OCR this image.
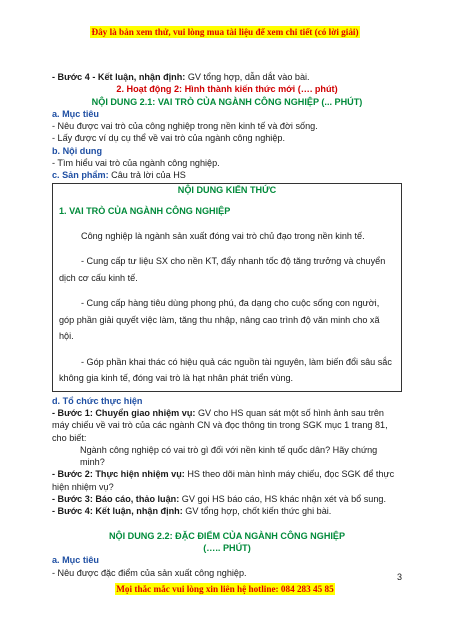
Đây là bản xem thử, vui lòng mua tài liệu để xem chi tiết (có lời giải)
- Bước 4 - Kết luận, nhận định: GV tổng hợp, dẫn dắt vào bài.
2. Hoạt động 2: Hình thành kiến thức mới (…. phút)
NỘI DUNG 2.1: VAI TRÒ CỦA NGÀNH CÔNG NGHIỆP (... PHÚT)
a. Mục tiêu
- Nêu được vai trò của công nghiệp trong nền kinh tế và đời sống.
- Lấy được ví dụ cụ thể về vai trò của ngành công nghiệp.
b. Nội dung
- Tìm hiểu vai trò của ngành công nghiệp.
c. Sản phẩm: Câu trả lời của HS
NỘI DUNG KIẾN THỨC
1. VAI TRÒ CỦA NGÀNH CÔNG NGHIỆP
Công nghiệp là ngành sản xuất đóng vai trò chủ đạo trong nền kinh tế.
- Cung cấp tư liệu SX cho nền KT, đẩy nhanh tốc độ tăng trưởng và chuyển dịch cơ cấu kinh tế.
- Cung cấp hàng tiêu dùng phong phú, đa dạng cho cuộc sống con người, góp phần giải quyết việc làm, tăng thu nhập, nâng cao trình độ văn minh cho xã hội.
- Góp phần khai thác có hiệu quả các nguồn tài nguyên, làm biến đổi sâu sắc không gia kinh tế, đóng vai trò là hạt nhân phát triển vùng.
d. Tổ chức thực hiện
- Bước 1: Chuyển giao nhiệm vụ: GV cho HS quan sát một số hình ảnh sau trên máy chiếu về vai trò của các ngành CN và đọc thông tin trong SGK mục 1 trang 81, cho biết:
Ngành công nghiệp có vai trò gì đối với nền kinh tế quốc dân? Hãy chứng minh?
- Bước 2: Thực hiện nhiệm vụ: HS theo dõi màn hình máy chiếu, đọc SGK để thực hiện nhiệm vụ?
- Bước 3: Báo cáo, thảo luận: GV gọi HS báo cáo, HS khác nhận xét và bổ sung.
- Bước 4: Kết luận, nhận định: GV tổng hợp, chốt kiến thức ghi bài.
NỘI DUNG 2.2: ĐẶC ĐIỂM CỦA NGÀNH CÔNG NGHIỆP
(….. PHÚT)
a. Mục tiêu
- Nêu được đặc điểm của sản xuất công nghiệp.	3
Mọi thắc mắc vui lòng xin liên hệ hotline: 084 283 45 85
